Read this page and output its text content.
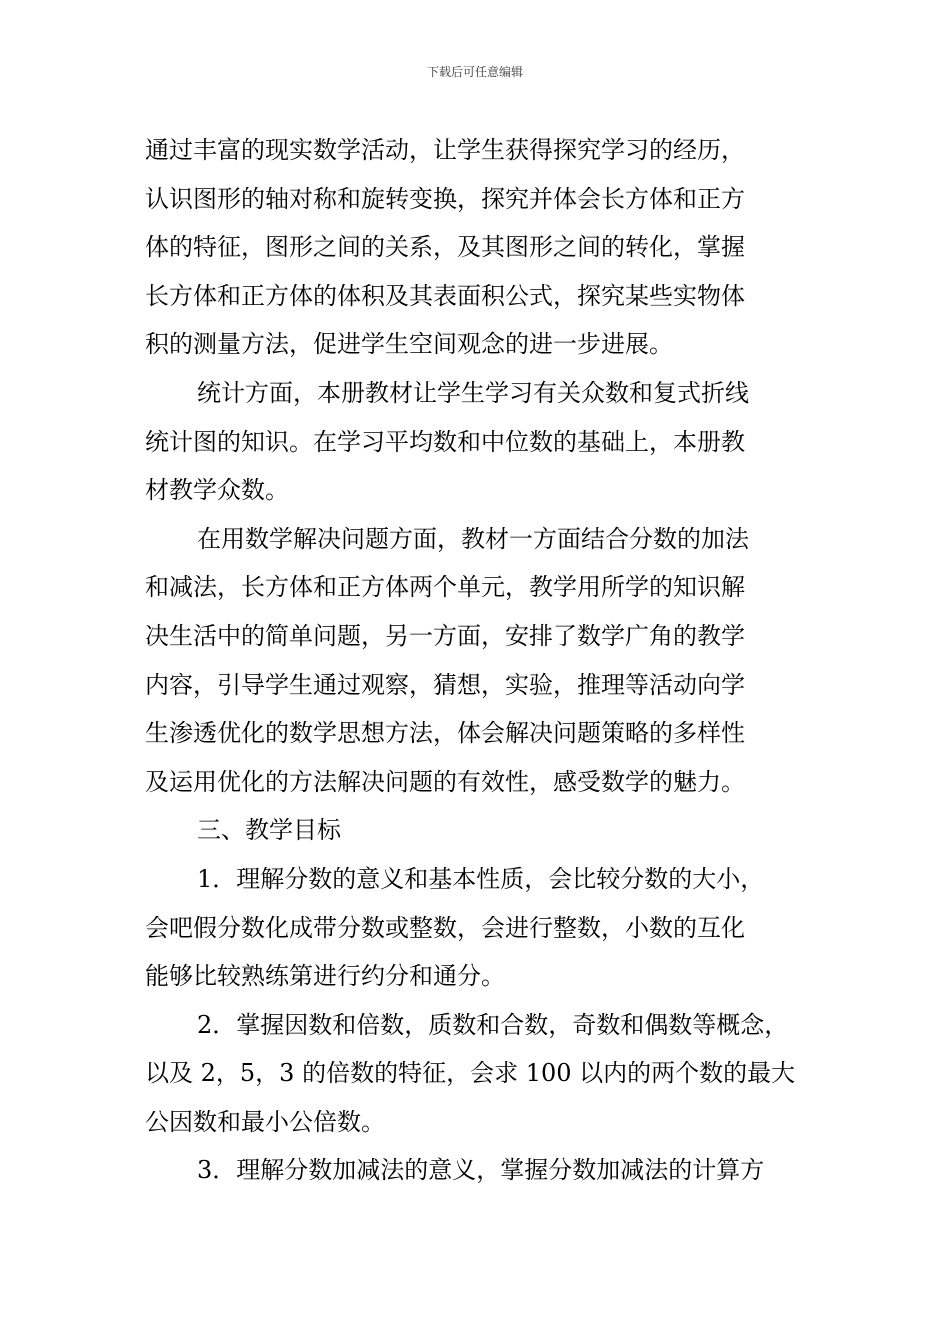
下载后可任意编辑
通过丰富的现实数学活动，让学生获得探究学习的经历，
认识图形的轴对称和旋转变换，探究并体会长方体和正方
体的特征，图形之间的关系，及其图形之间的转化，掌握
长方体和正方体的体积及其表面积公式，探究某些实物体
积的测量方法，促进学生空间观念的进一步进展。
统计方面，本册教材让学生学习有关众数和复式折线
统计图的知识。在学习平均数和中位数的基础上，本册教
材教学众数。
在用数学解决问题方面，教材一方面结合分数的加法
和减法，长方体和正方体两个单元，教学用所学的知识解
决生活中的简单问题，另一方面，安排了数学广角的教学
内容，引导学生通过观察，猜想，实验，推理等活动向学
生渗透优化的数学思想方法，体会解决问题策略的多样性
及运用优化的方法解决问题的有效性，感受数学的魅力。
三、教学目标
1．理解分数的意义和基本性质，会比较分数的大小，
会吧假分数化成带分数或整数，会进行整数，小数的互化
能够比较熟练第进行约分和通分。
2．掌握因数和倍数，质数和合数，奇数和偶数等概念，
以及 2，5，3 的倍数的特征，会求 100 以内的两个数的最大
公因数和最小公倍数。
3．理解分数加减法的意义，掌握分数加减法的计算方
